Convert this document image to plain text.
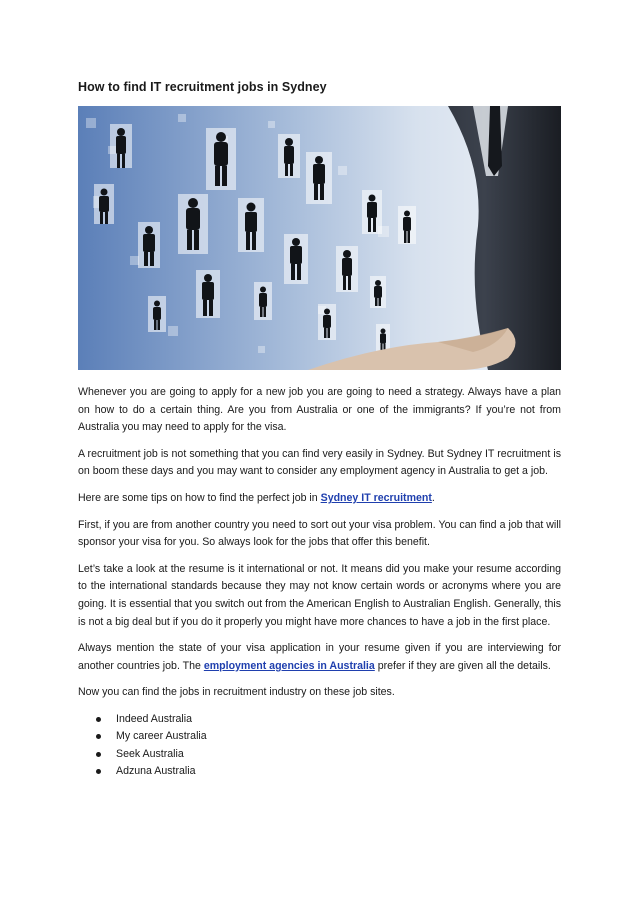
How to find IT recruitment jobs in Sydney

Whenever you are going to apply for a new job you are going to need a strategy. Always have a plan on how to do a certain thing. Are you from Australia or one of the immigrants? If you’re not from Australia you may need to apply for the visa.

A recruitment job is not something that you can find very easily in Sydney. But Sydney IT recruitment is on boom these days and you may want to consider any employment agency in Australia to get a job.

Here are some tips on how to find the perfect job in Sydney IT recruitment.

First, if you are from another country you need to sort out your visa problem. You can find a job that will sponsor your visa for you. So always look for the jobs that offer this benefit.

Let’s take a look at the resume is it international or not. It means did you make your resume according to the international standards because they may not know certain words or acronyms where you are going. It is essential that you switch out from the American English to Australian English. Generally, this is not a big deal but if you do it properly you might have more chances to have a job in the first place.

Always mention the state of your visa application in your resume given if you are interviewing for another countries job. The employment agencies in Australia prefer if they are given all the details.

Now you can find the jobs in recruitment industry on these job sites.

Indeed Australia
My career Australia
Seek Australia
Adzuna Australia
